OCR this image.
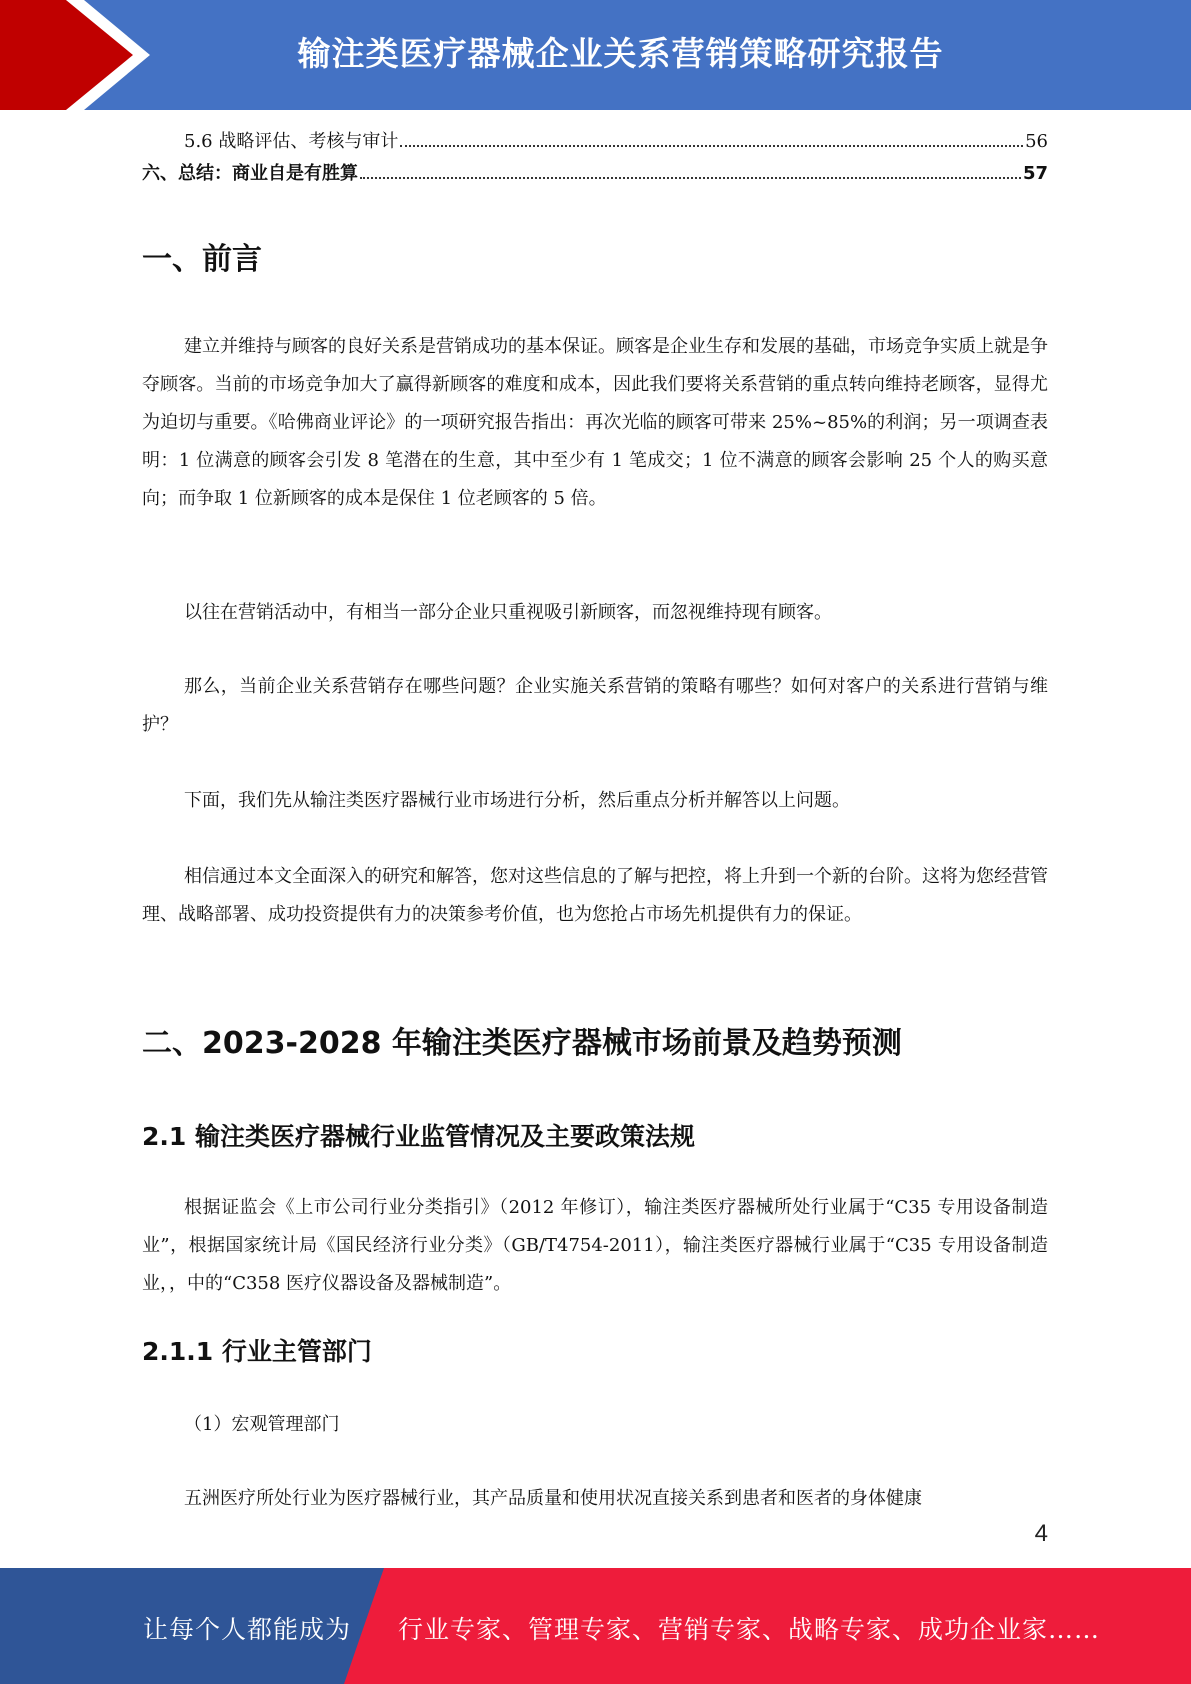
输注类医疗器械企业关系营销策略研究报告
5.6 战略评估、考核与审计	56
六、总结：商业自是有胜算	57
一、前言
建立并维持与顾客的良好关系是营销成功的基本保证。顾客是企业生存和发展的基础，市场竞争实质上就是争夺顾客。当前的市场竞争加大了赢得新顾客的难度和成本，因此我们要将关系营销的重点转向维持老顾客，显得尤为迫切与重要。《哈佛商业评论》的一项研究报告指出：再次光临的顾客可带来 25%~85%的利润；另一项调查表明：1 位满意的顾客会引发 8 笔潜在的生意，其中至少有 1 笔成交；1 位不满意的顾客会影响 25 个人的购买意向；而争取 1 位新顾客的成本是保住 1 位老顾客的 5 倍。
以往在营销活动中，有相当一部分企业只重视吸引新顾客，而忽视维持现有顾客。
那么，当前企业关系营销存在哪些问题？企业实施关系营销的策略有哪些？如何对客户的关系进行营销与维护？
下面，我们先从输注类医疗器械行业市场进行分析，然后重点分析并解答以上问题。
相信通过本文全面深入的研究和解答，您对这些信息的了解与把控，将上升到一个新的台阶。这将为您经营管理、战略部署、成功投资提供有力的决策参考价值，也为您抢占市场先机提供有力的保证。
二、2023-2028 年输注类医疗器械市场前景及趋势预测
2.1 输注类医疗器械行业监管情况及主要政策法规
根据证监会《上市公司行业分类指引》（2012 年修订），输注类医疗器械所处行业属于“C35 专用设备制造业”，根据国家统计局《国民经济行业分类》（GB/T4754-2011），输注类医疗器械行业属于“C35 专用设备制造业，，中的“C358 医疗仪器设备及器械制造”。
2.1.1 行业主管部门
（1）宏观管理部门
五洲医疗所处行业为医疗器械行业，其产品质量和使用状况直接关系到患者和医者的身体健康
4
让每个人都能成为 行业专家、管理专家、营销专家、战略专家、成功企业家……
